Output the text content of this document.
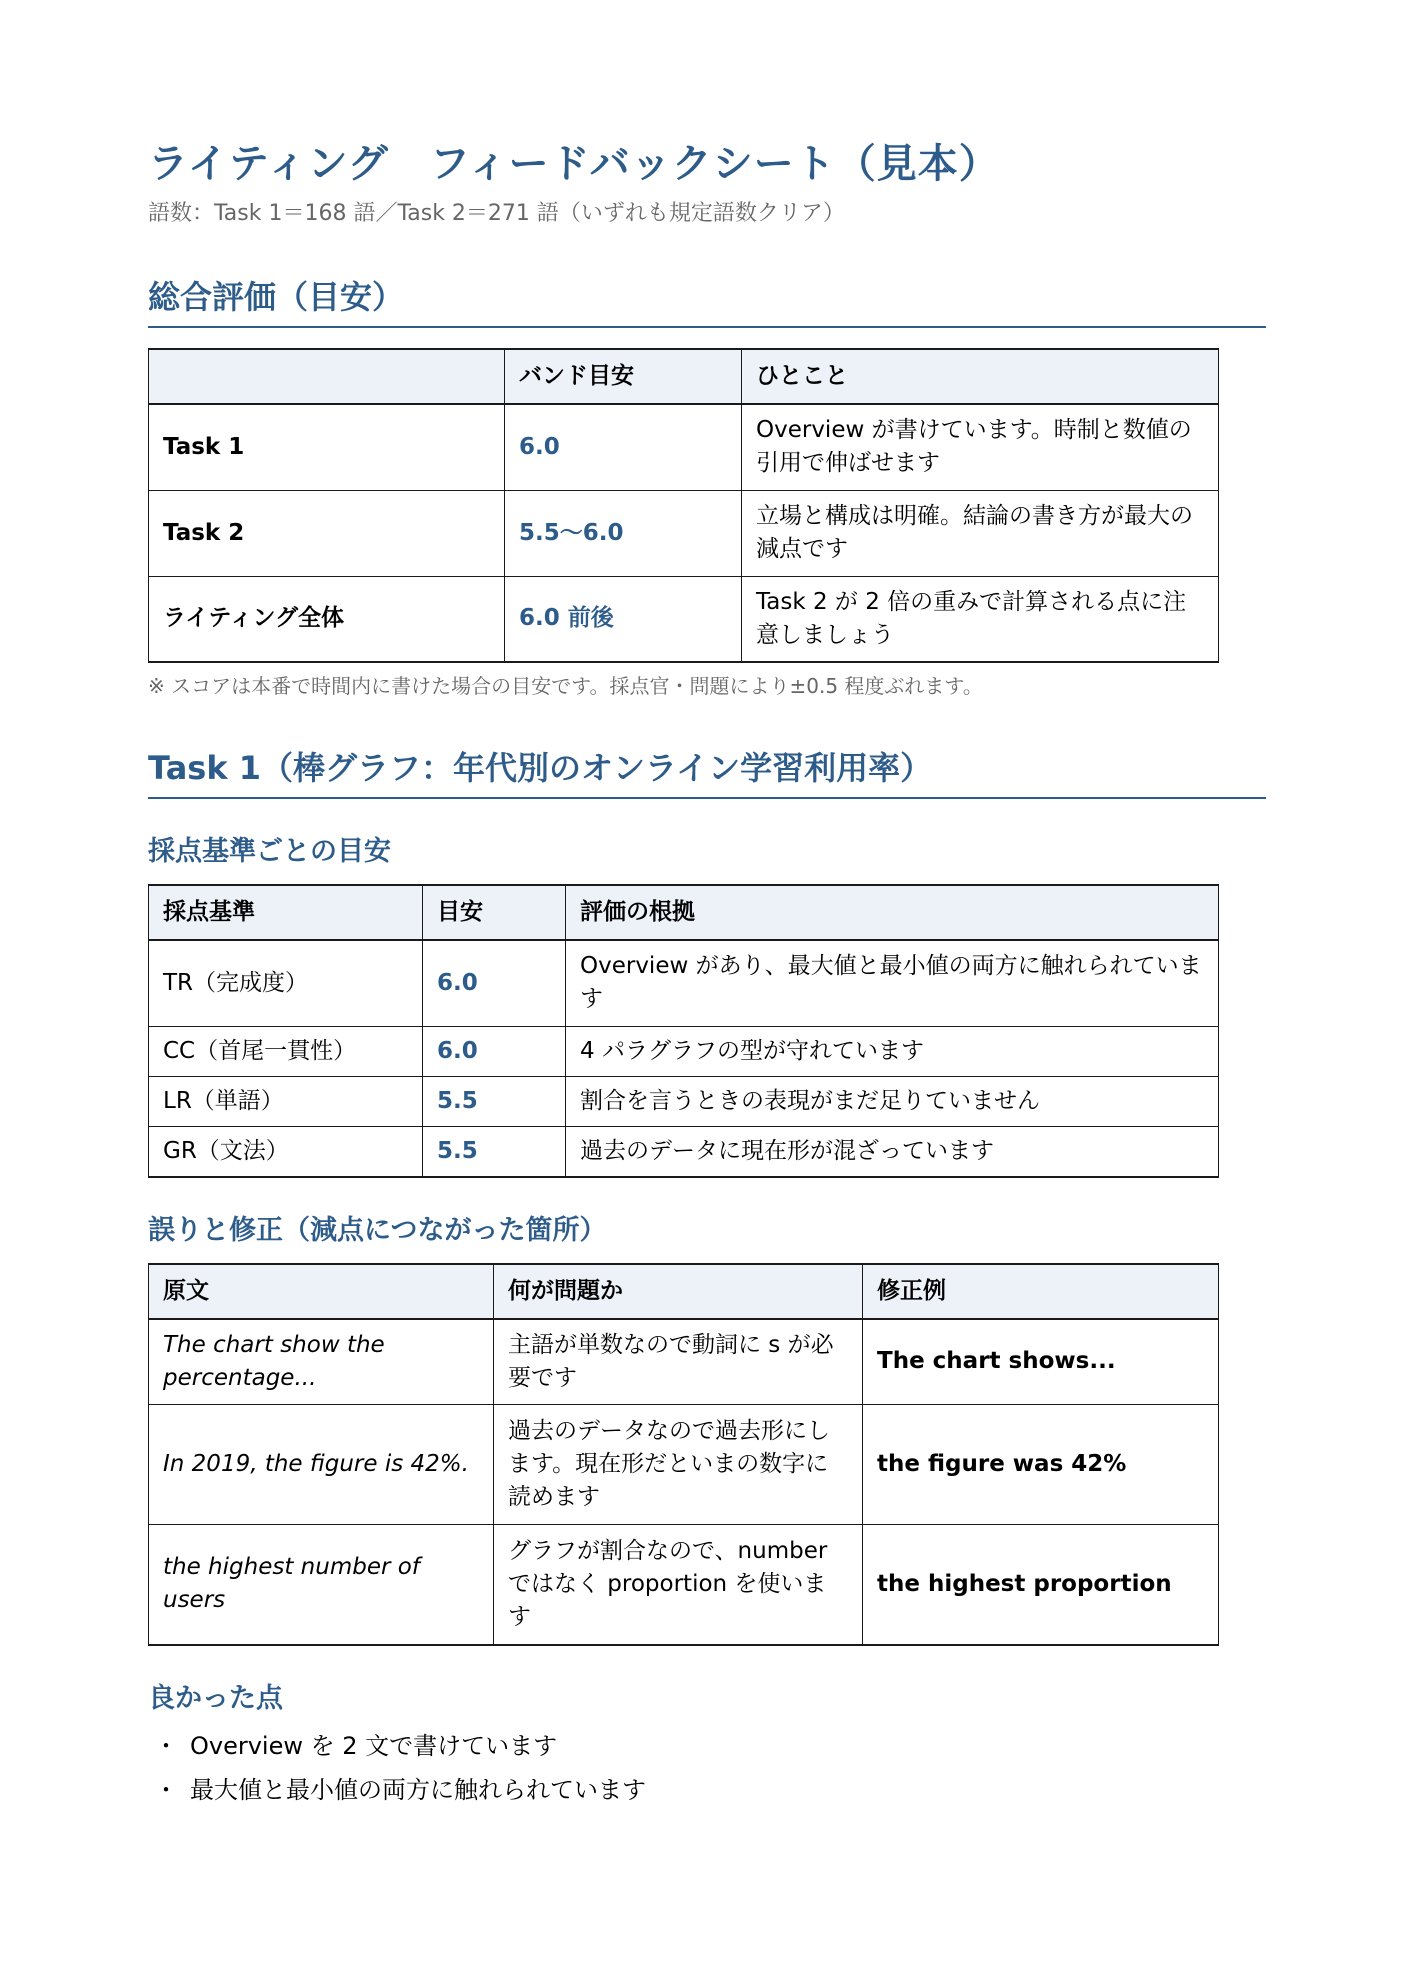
ライティング　フィードバックシート（見本）

語数：Task 1＝168 語／Task 2＝271 語（いずれも規定語数クリア）

総合評価（目安）
	バンド目安	ひとこと
Task 1	6.0	Overview が書けています。時制と数値の引用で伸ばせます
Task 2	5.5〜6.0	立場と構成は明確。結論の書き方が最大の減点です
ライティング全体	6.0 前後	Task 2 が 2 倍の重みで計算される点に注意しましょう

※ スコアは本番で時間内に書けた場合の目安です。採点官・問題により±0.5 程度ぶれます。

Task 1（棒グラフ：年代別のオンライン学習利用率）
採点基準ごとの目安
採点基準	目安	評価の根拠
TR（完成度）	6.0	Overview があり、最大値と最小値の両方に触れられています
CC（首尾一貫性）	6.0	4 パラグラフの型が守れています
LR（単語）	5.5	割合を言うときの表現がまだ足りていません
GR（文法）	5.5	過去のデータに現在形が混ざっています
誤りと修正（減点につながった箇所）
原文	何が問題か	修正例
The chart show the percentage...	主語が単数なので動詞に s が必要です	The chart shows...
In 2019, the figure is 42%.	過去のデータなので過去形にします。現在形だといまの数字に読めます	the figure was 42%
the highest number of users	グラフが割合なので、number ではなく proportion を使います	the highest proportion
良かった点
・ Overview を 2 文で書けています
・ 最大値と最小値の両方に触れられています
